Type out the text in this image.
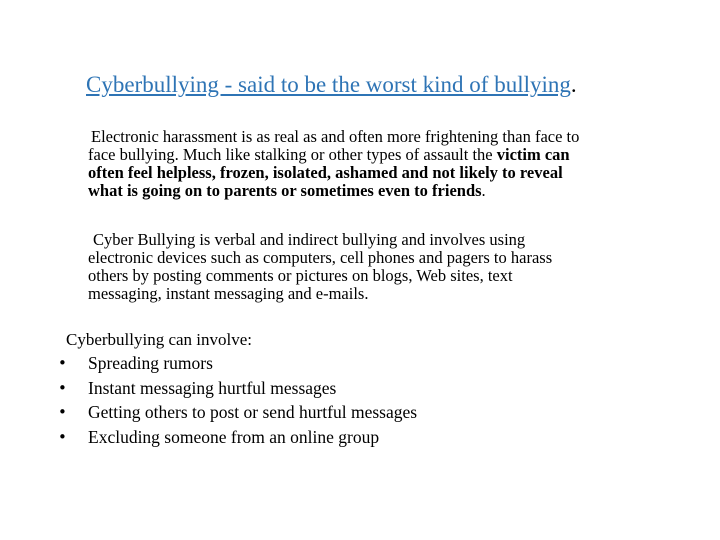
Cyberbullying - said to be the worst kind of bullying.
Electronic harassment is as real as and often more frightening than face to
face bullying. Much like stalking or other types of assault the victim can
often feel helpless, frozen, isolated, ashamed and not likely to reveal
what is going on to parents or sometimes even to friends.
Cyber Bullying is verbal and indirect bullying and involves using
electronic devices such as computers, cell phones and pagers to harass
others by posting comments or pictures on blogs, Web sites, text
messaging, instant messaging and e-mails.
Cyberbullying can involve:
• Spreading rumors
• Instant messaging hurtful messages
• Getting others to post or send hurtful messages
• Excluding someone from an online group
